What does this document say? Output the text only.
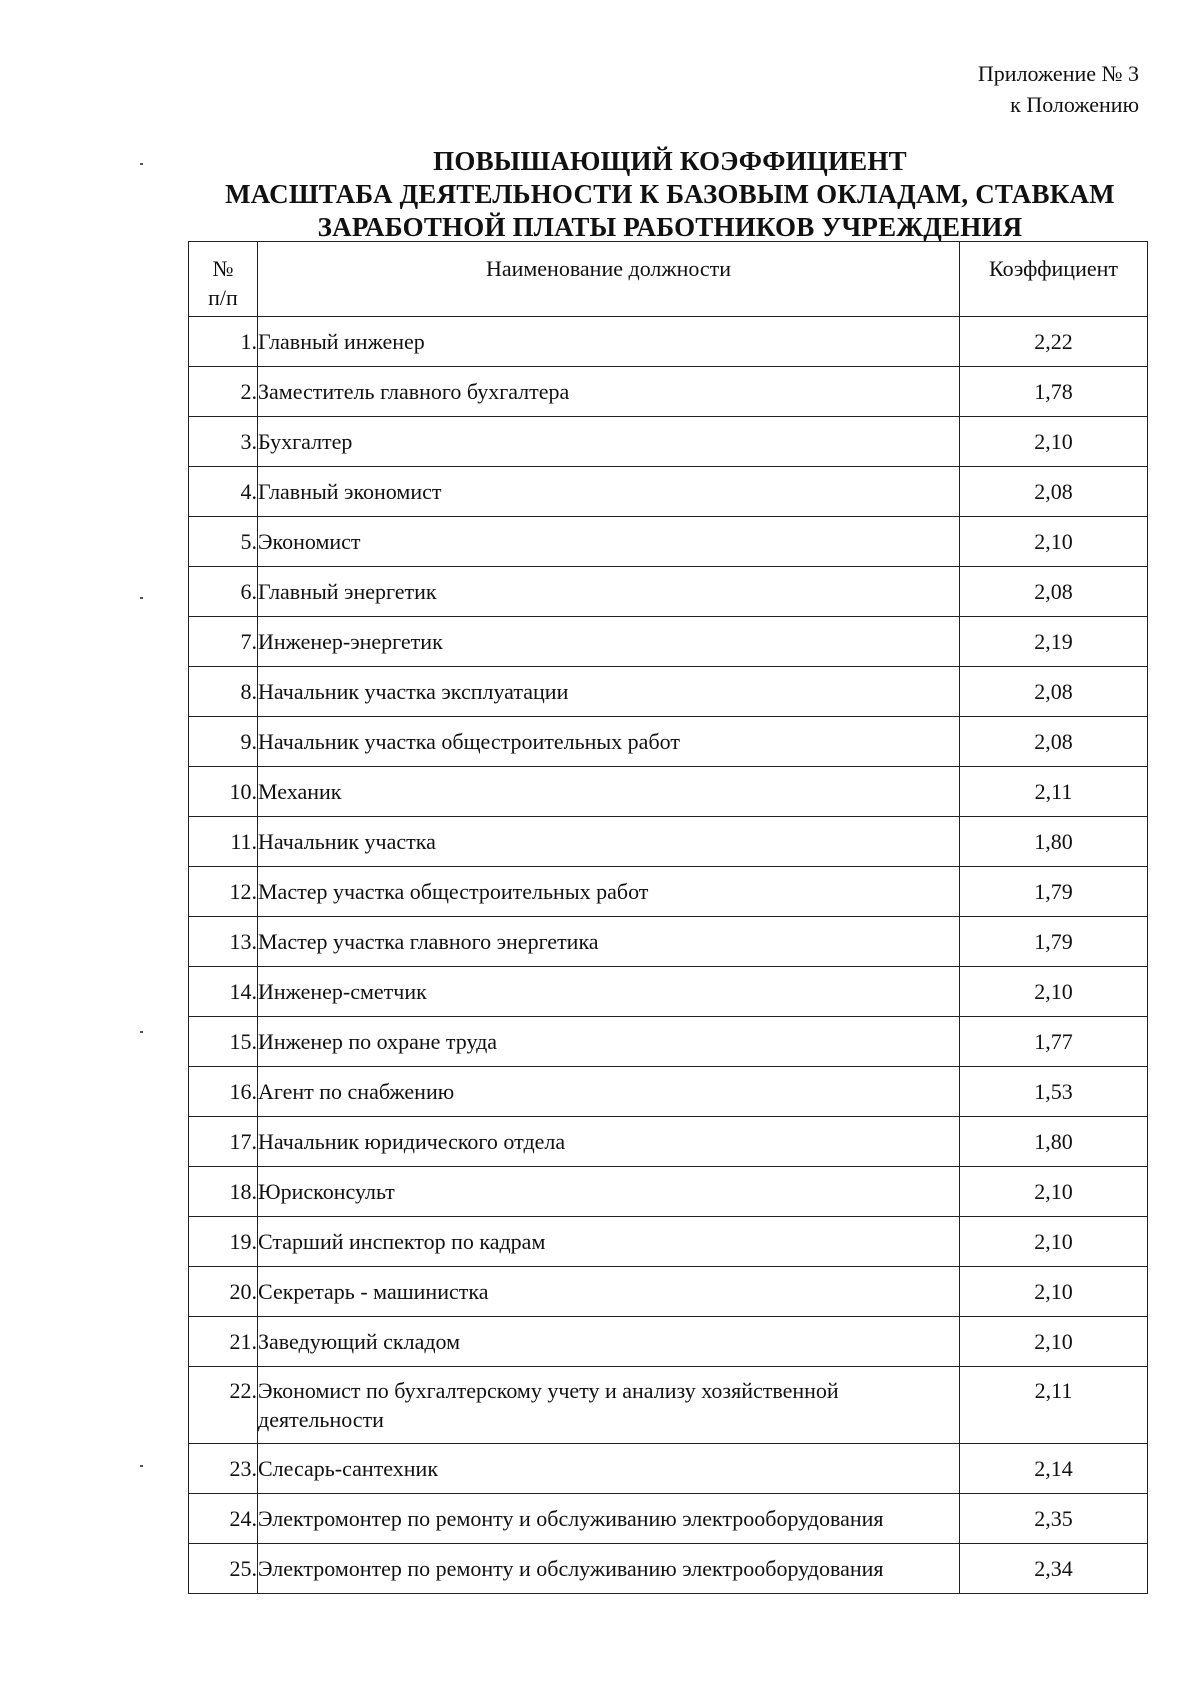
Приложение № 3
к Положению
ПОВЫШАЮЩИЙ КОЭФФИЦИЕНТ
МАСШТАБА ДЕЯТЕЛЬНОСТИ К БАЗОВЫМ ОКЛАДАМ, СТАВКАМ
ЗАРАБОТНОЙ ПЛАТЫ РАБОТНИКОВ УЧРЕЖДЕНИЯ
№
п/п	Наименование должности	Коэффициент
1.	Главный инженер	2,22
2.	Заместитель главного бухгалтера	1,78
3.	Бухгалтер	2,10
4.	Главный экономист	2,08
5.	Экономист	2,10
6.	Главный энергетик	2,08
7.	Инженер-энергетик	2,19
8.	Начальник участка эксплуатации	2,08
9.	Начальник участка общестроительных работ	2,08
10.	Механик	2,11
11.	Начальник участка	1,80
12.	Мастер участка общестроительных работ	1,79
13.	Мастер участка главного энергетика	1,79
14.	Инженер-сметчик	2,10
15.	Инженер по охране труда	1,77
16.	Агент по снабжению	1,53
17.	Начальник юридического отдела	1,80
18.	Юрисконсульт	2,10
19.	Старший инспектор по кадрам	2,10
20.	Секретарь - машинистка	2,10
21.	Заведующий складом	2,10
22.	Экономист по бухгалтерскому учету и анализу хозяйственной деятельности	2,11
23.	Слесарь-сантехник	2,14
24.	Электромонтер по ремонту и обслуживанию электрооборудования	2,35
25.	Электромонтер по ремонту и обслуживанию электрооборудования	2,34
